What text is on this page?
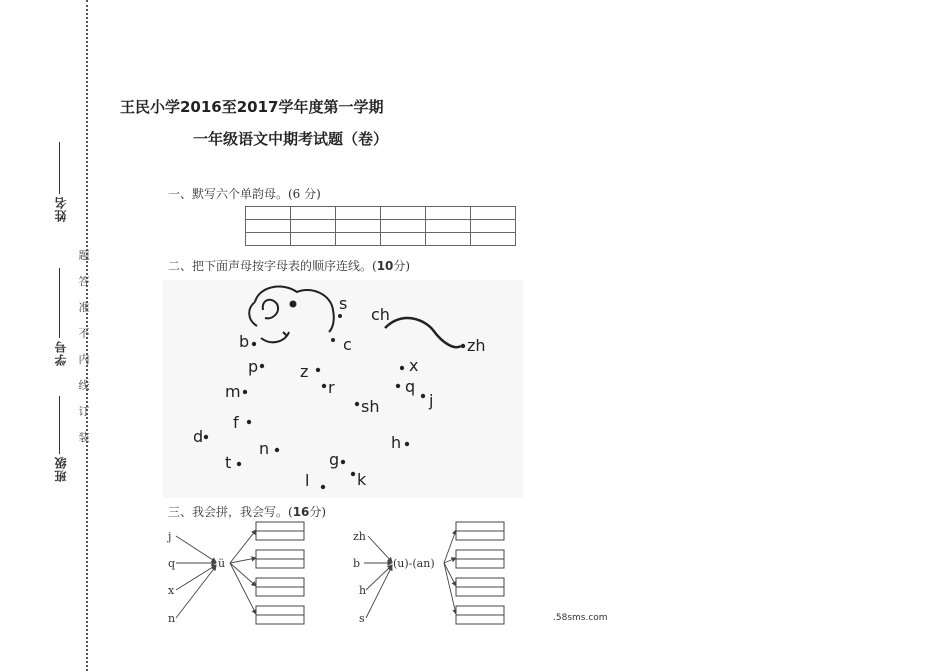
姓名
学号
班级
题
答
准
不
内
线
订
装
王民小学2016至2017学年度第一学期
一年级语文中期考试题（卷）
一、默写六个单韵母。(6 分)

二、把下面声母按字母表的顺序连线。(10分)
s
ch
zh
b	c
p	z	x
m	r	q
j
sh
f
d
n	h
g
t
l	k
三、我会拼，我会写。(16分)
j
q
x
n
ü
zh
b
h
s
(u)-(an)
.58sms.com
